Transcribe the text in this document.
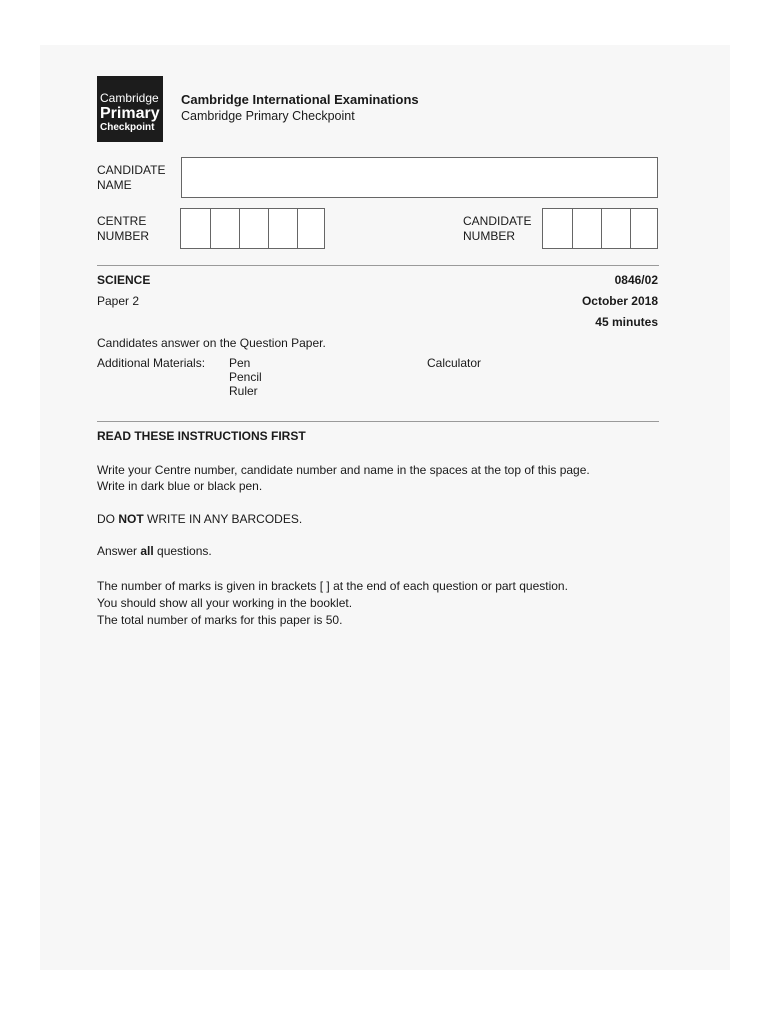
Cambridge
Primary
Checkpoint
Cambridge International Examinations
Cambridge Primary Checkpoint
CANDIDATE
NAME
CENTRE
NUMBER
CANDIDATE
NUMBER
SCIENCE	0846/02
Paper 2	October 2018
45 minutes
Candidates answer on the Question Paper.
Additional Materials: Pen
Pencil
Ruler
Calculator
READ THESE INSTRUCTIONS FIRST
Write your Centre number, candidate number and name in the spaces at the top of this page.
Write in dark blue or black pen.
DO NOT WRITE IN ANY BARCODES.
Answer all questions.
The number of marks is given in brackets [ ] at the end of each question or part question.
You should show all your working in the booklet.
The total number of marks for this paper is 50.
